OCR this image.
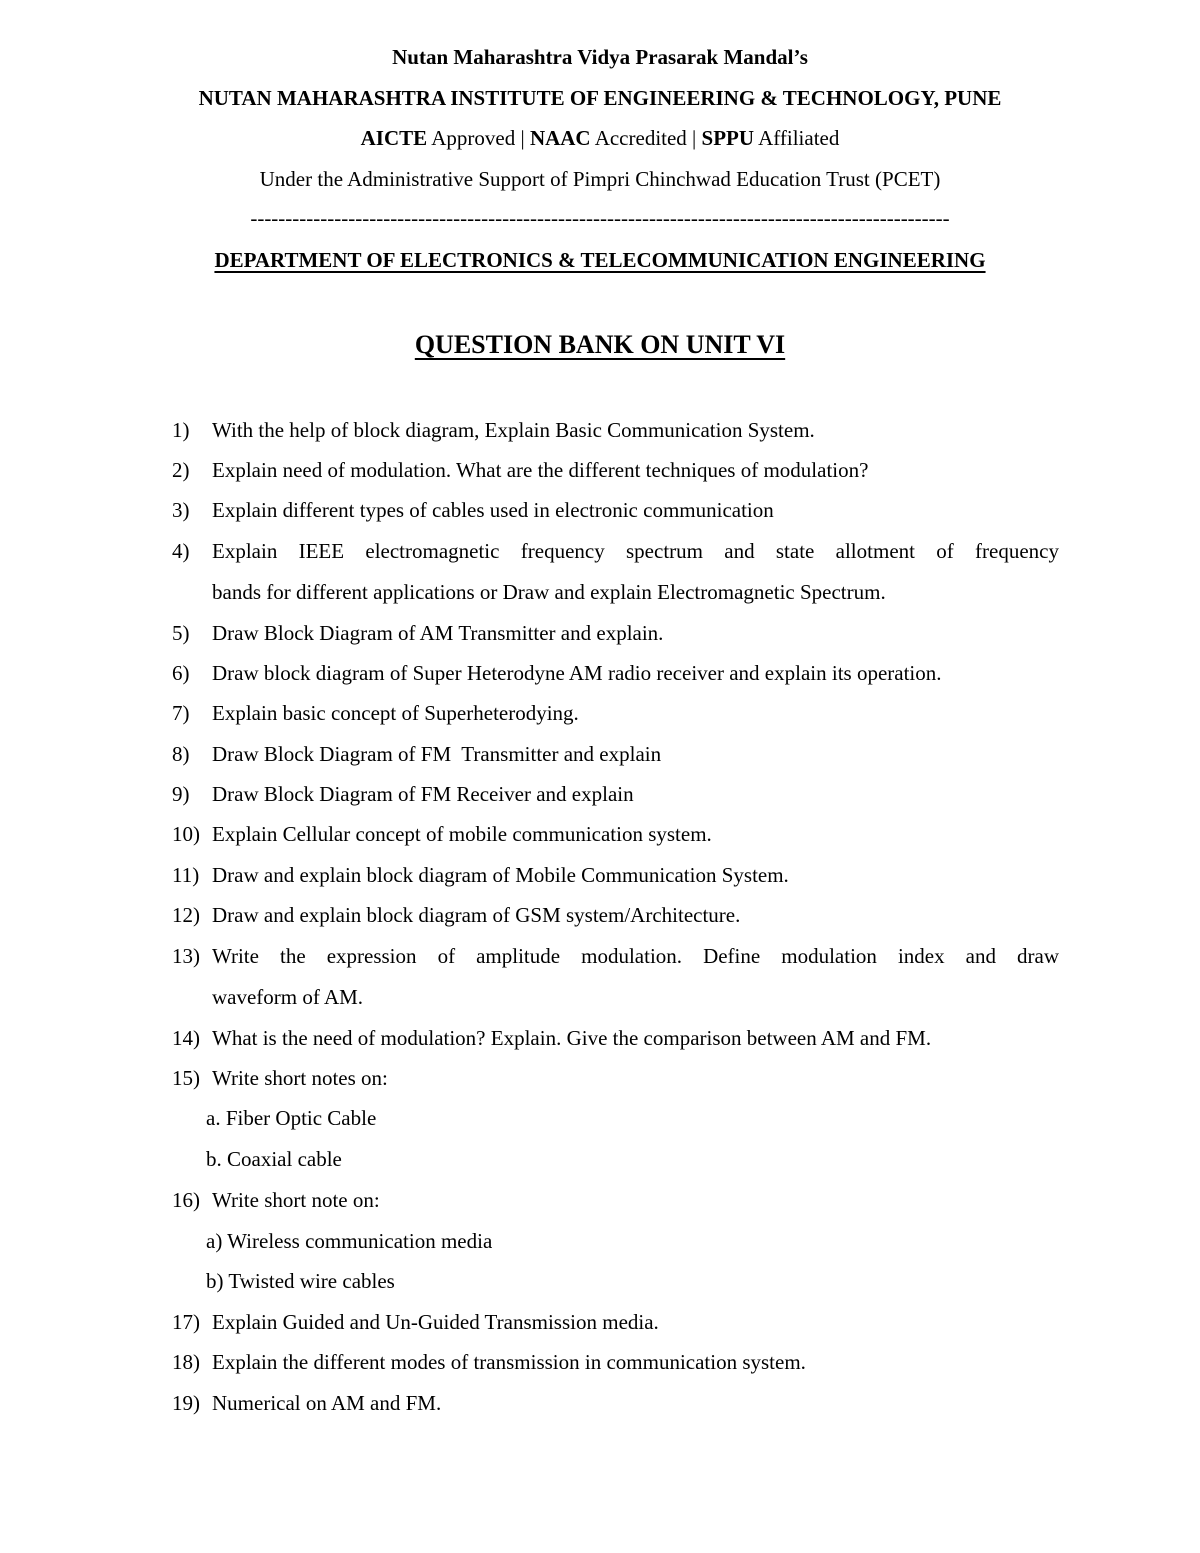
Nutan Maharashtra Vidya Prasarak Mandal’s
NUTAN MAHARASHTRA INSTITUTE OF ENGINEERING & TECHNOLOGY, PUNE
AICTE Approved | NAAC Accredited | SPPU Affiliated
Under the Administrative Support of Pimpri Chinchwad Education Trust (PCET)
----------------------------------------------------------------------------------------------------
DEPARTMENT OF ELECTRONICS & TELECOMMUNICATION ENGINEERING
QUESTION BANK ON UNIT VI
1) With the help of block diagram, Explain Basic Communication System.
2) Explain need of modulation. What are the different techniques of modulation?
3) Explain different types of cables used in electronic communication
4)	Explain IEEE electromagnetic frequency spectrum and state allotment of frequency
bands for different applications or Draw and explain Electromagnetic Spectrum.
5) Draw Block Diagram of AM Transmitter and explain.
6) Draw block diagram of Super Heterodyne AM radio receiver and explain its operation.
7) Explain basic concept of Superheterodying.
8) Draw Block Diagram of FM  Transmitter and explain
9) Draw Block Diagram of FM Receiver and explain
10) Explain Cellular concept of mobile communication system.
11) Draw and explain block diagram of Mobile Communication System.
12) Draw and explain block diagram of GSM system/Architecture.
13) Write the expression of amplitude modulation. Define modulation index and draw
waveform of AM.
14) What is the need of modulation? Explain. Give the comparison between AM and FM.
15) Write short notes on:
a. Fiber Optic Cable
b. Coaxial cable
16) Write short note on:
a) Wireless communication media
b) Twisted wire cables
17) Explain Guided and Un-Guided Transmission media.
18) Explain the different modes of transmission in communication system.
19) Numerical on AM and FM.
